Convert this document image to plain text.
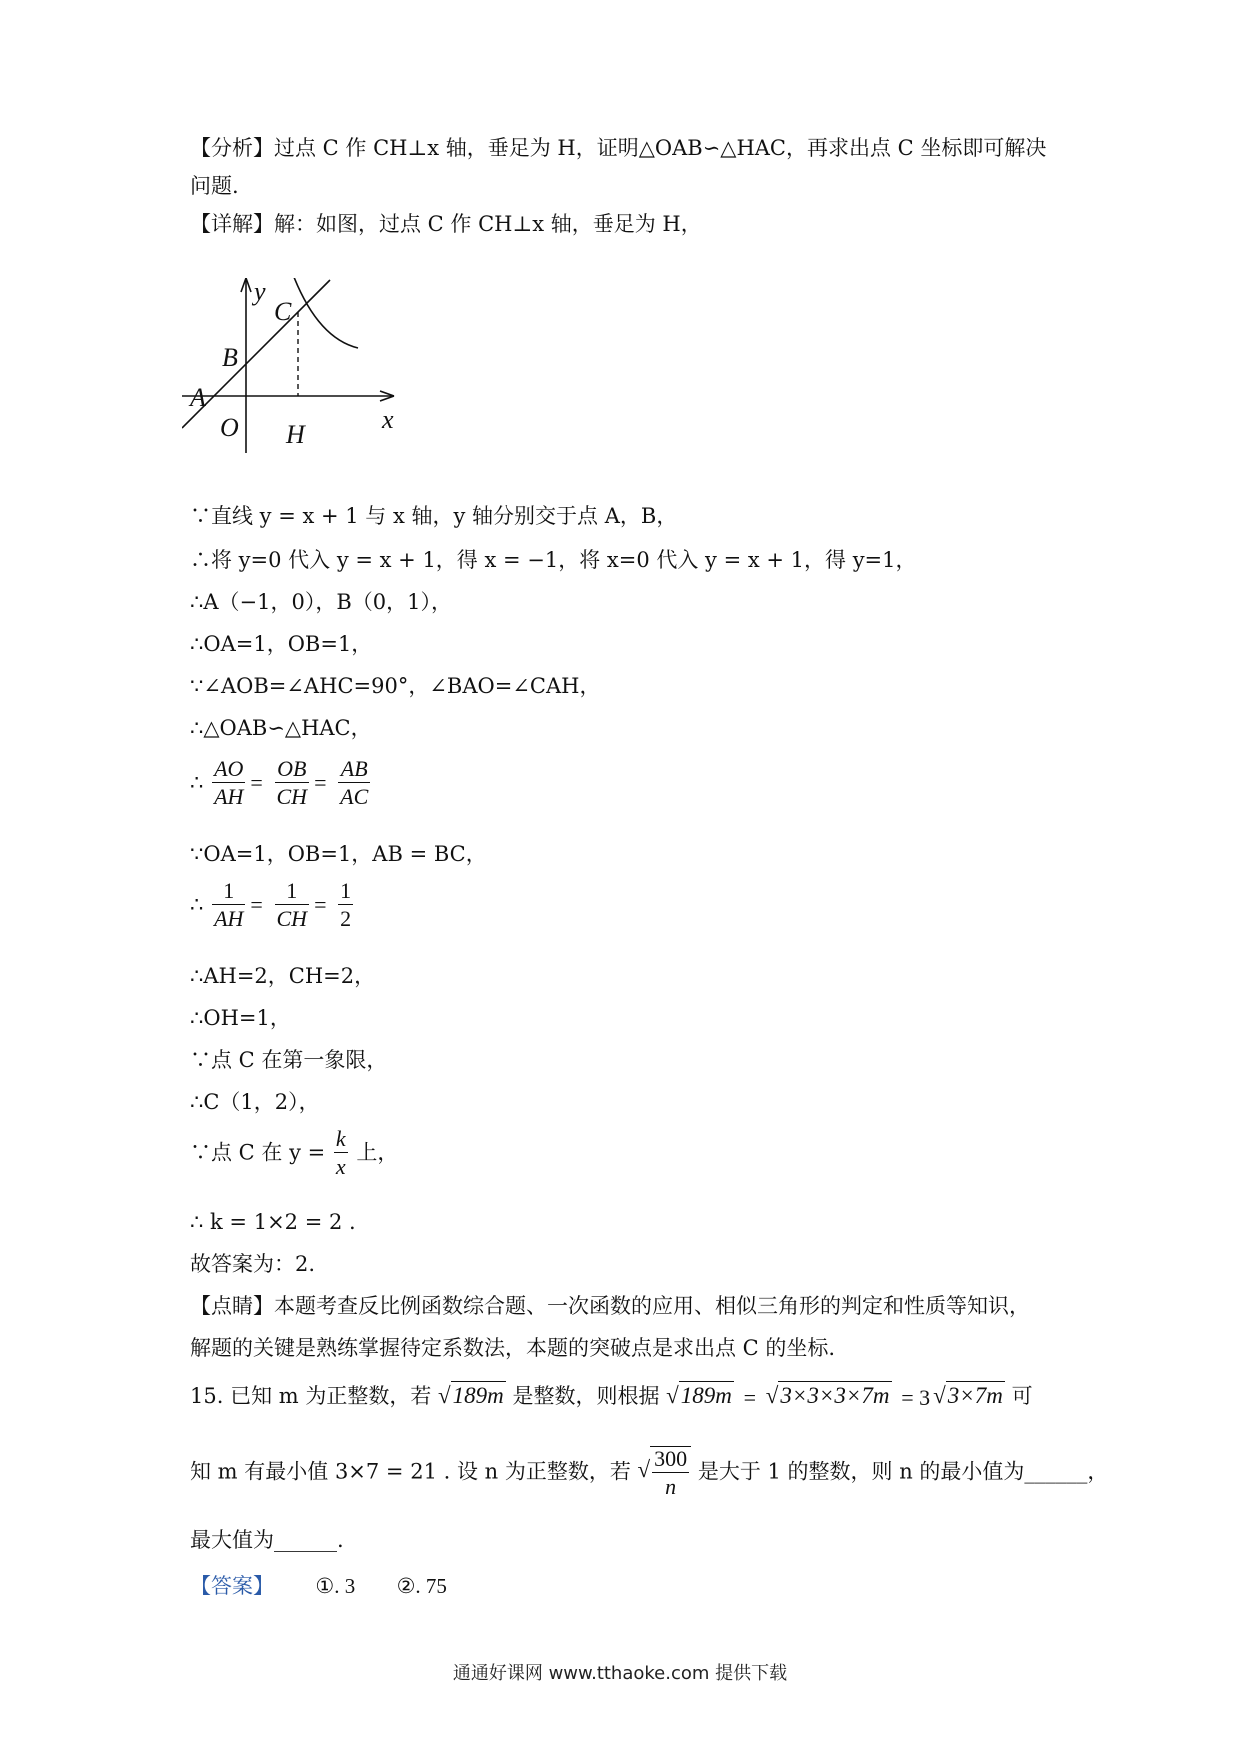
【分析】过点 C 作 CH⊥x 轴，垂足为 H，证明△OAB∽△HAC，再求出点 C 坐标即可解决
问题.
【详解】解：如图，过点 C 作 CH⊥x 轴，垂足为 H，
y
x
O
A
B
C
H
∵直线 y = x + 1 与 x 轴，y 轴分别交于点 A，B，
∴将 y=0 代入 y = x + 1，得 x = −1，将 x=0 代入 y = x + 1，得 y=1，
∴A（−1，0），B（0，1），
∴OA=1，OB=1，
∵∠AOB=∠AHC=90°，∠BAO=∠CAH，
∴△OAB∽△HAC，
∴ $\frac{AO}{AH} = \frac{OB}{CH} = \frac{AB}{AC}$
∵OA=1，OB=1，AB = BC，
∴ $\frac{1}{AH} = \frac{1}{CH} = \frac{1}{2}$
∴AH=2，CH=2，
∴OH=1，
∵点 C 在第一象限，
∴C（1，2），
∵点 C 在 $y = \frac{k}{x}$ 上，
∴ k = 1×2 = 2 .
故答案为：2.
【点睛】本题考查反比例函数综合题、一次函数的应用、相似三角形的判定和性质等知识，
解题的关键是熟练掌握待定系数法，本题的突破点是求出点 C 的坐标.
15. 已知 m 为正整数，若 √189m 是整数，则根据 √189m = √3×3×3×7m = 3 √3×7m 可
知 m 有最小值 3×7 = 21 . 设 n 为正整数，若 √ $\frac{300}{n}$ 是大于 1 的整数，则 n 的最小值为______，
最大值为______.
【答案】 ①. 3 ②. 75
通通好课网 www.tthaoke.com 提供下载
